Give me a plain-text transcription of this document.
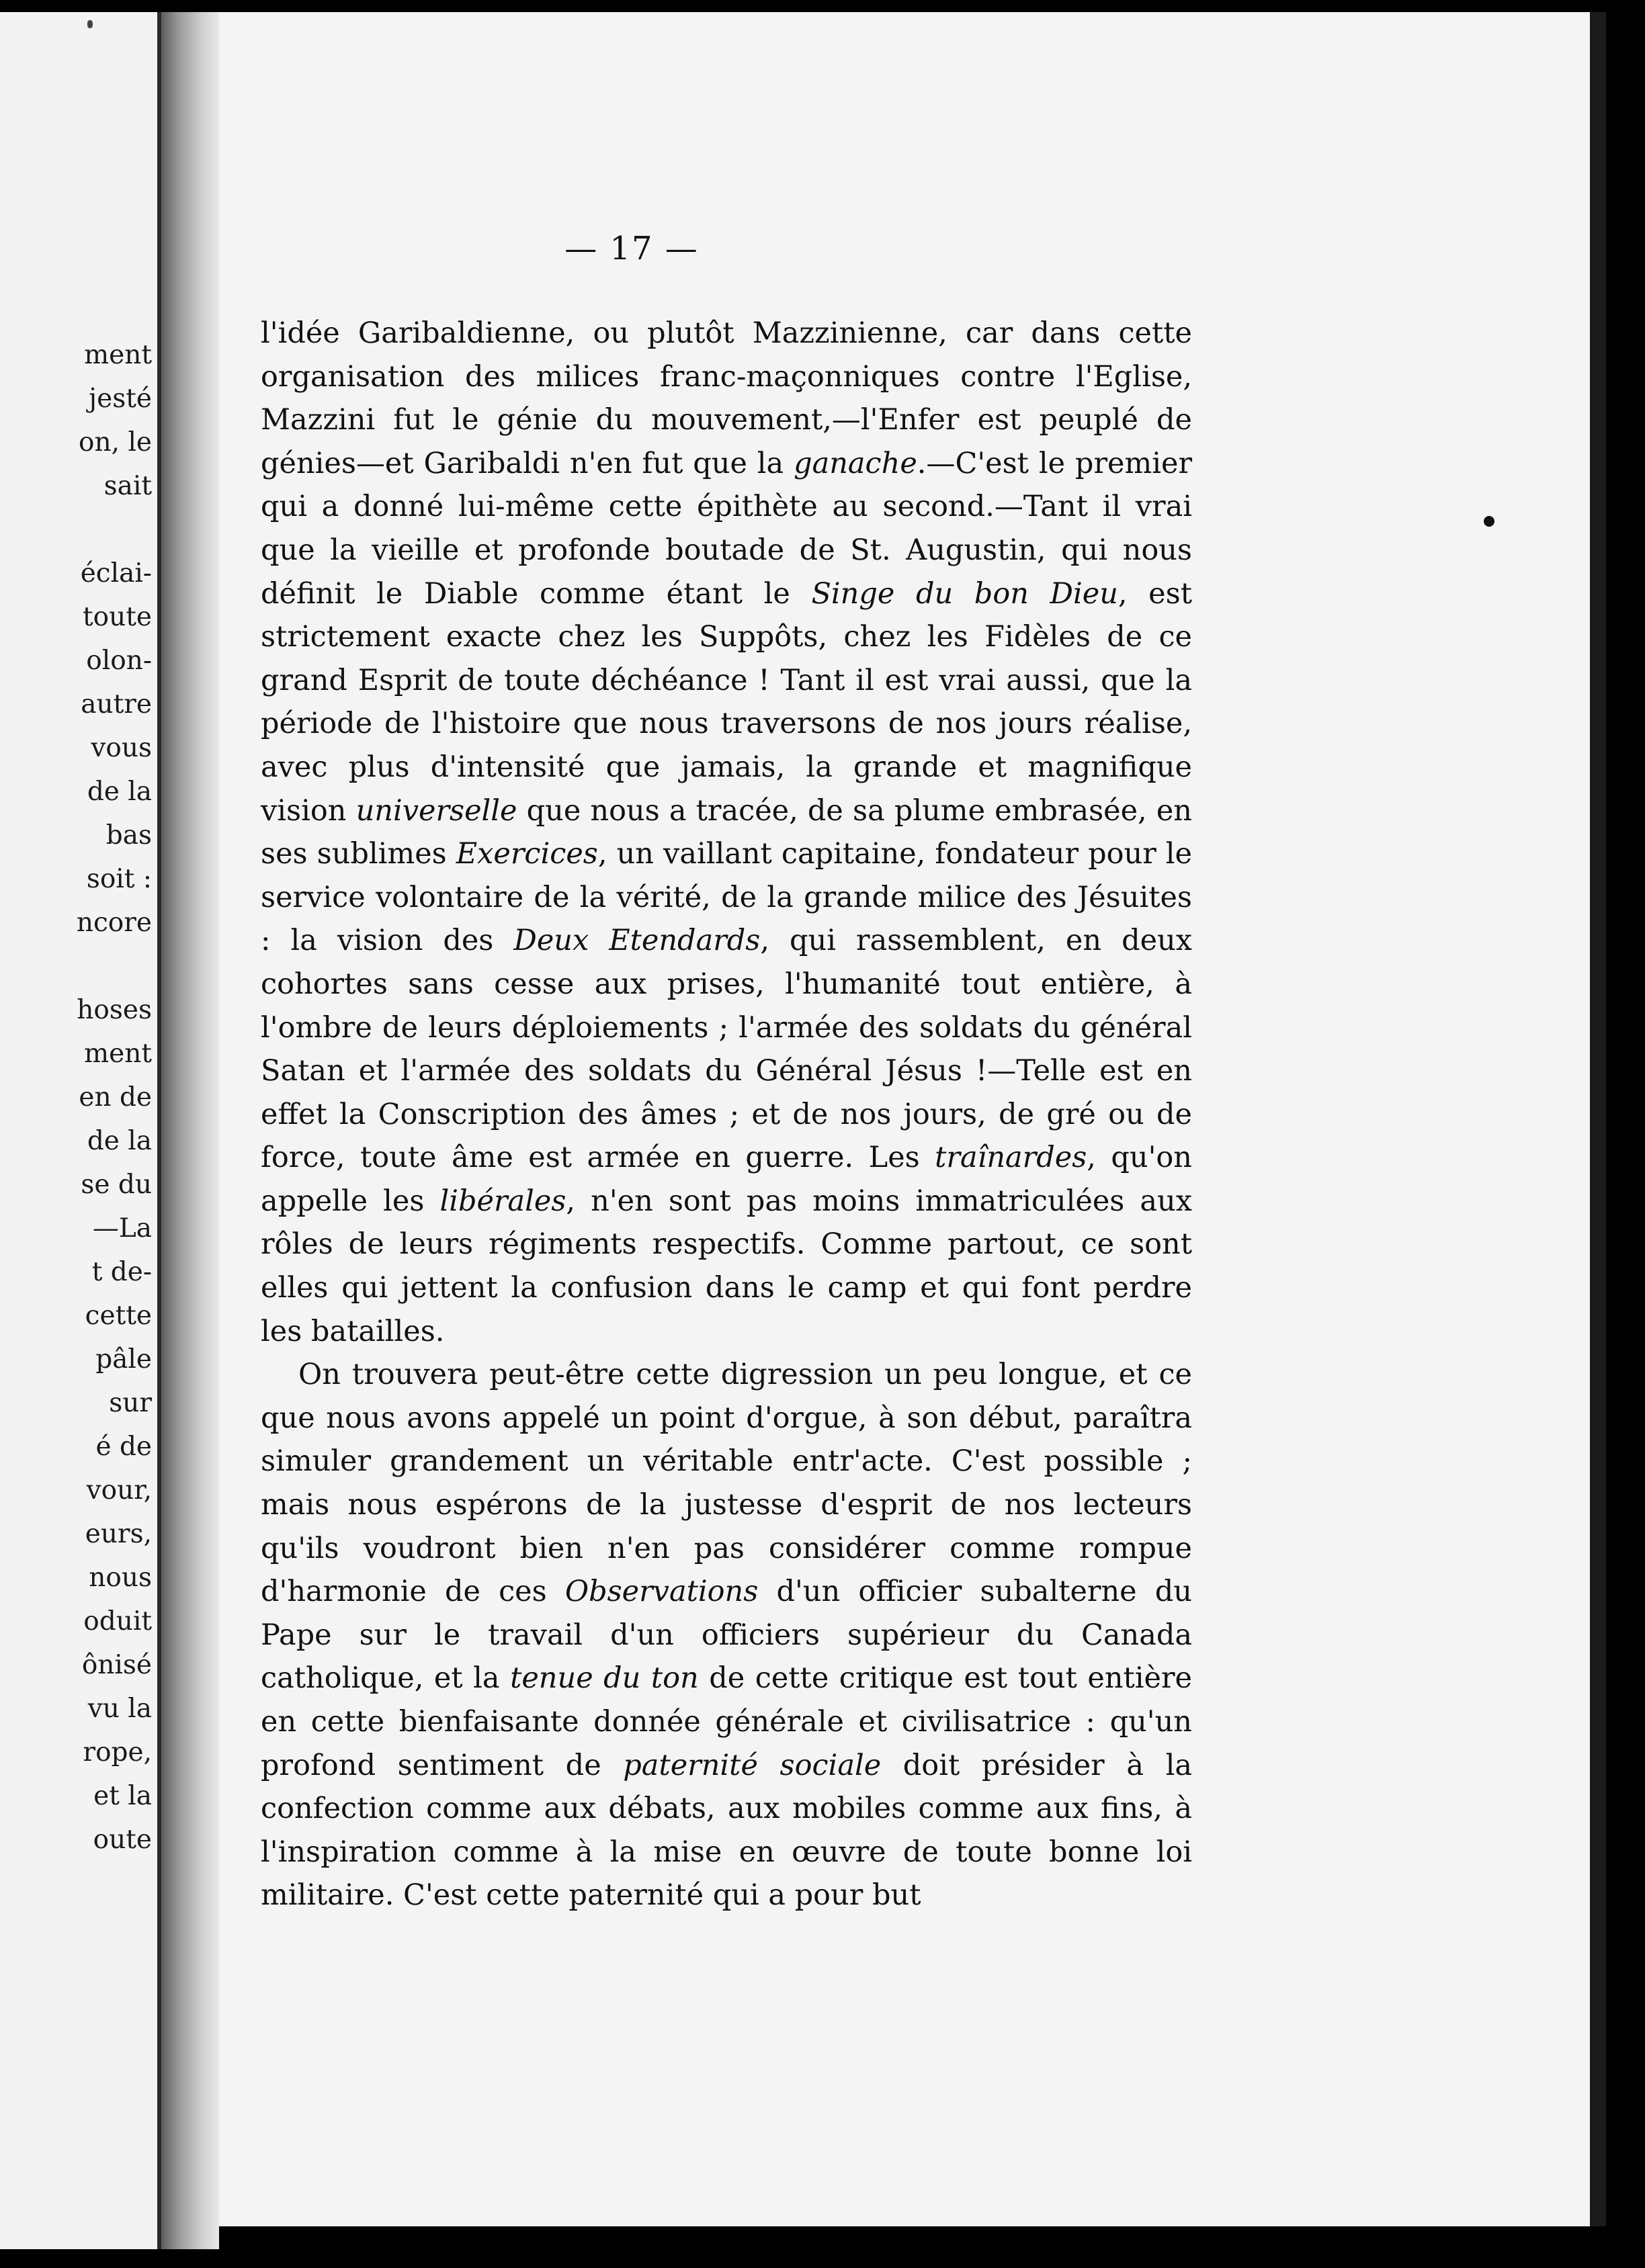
ment
jesté
on, le
sait
éclai-
toute
olon-
autre
vous
de la
bas
soit :
ncore
hoses
ment
en de
de la
se du
—La
t de-
cette
pâle
sur
é de
vour,
eurs,
nous
oduit
ônisé
vu la
rope,
et la
oute
— 17 —

l'idée Garibaldienne, ou plutôt Mazzinienne, car dans cette organisation des milices franc-maçonniques contre l'Eglise, Mazzini fut le génie du mouvement,—l'Enfer est peuplé de génies—et Garibaldi n'en fut que la ganache.—C'est le premier qui a donné lui-même cette épithète au second.—Tant il vrai que la vieille et profonde boutade de St. Augustin, qui nous définit le Diable comme étant le Singe du bon Dieu, est strictement exacte chez les Suppôts, chez les Fidèles de ce grand Esprit de toute déchéance ! Tant il est vrai aussi, que la période de l'histoire que nous traversons de nos jours réalise, avec plus d'intensité que jamais, la grande et magnifique vision universelle que nous a tracée, de sa plume embrasée, en ses sublimes Exercices, un vaillant capitaine, fondateur pour le service volontaire de la vérité, de la grande milice des Jésuites : la vision des Deux Etendards, qui rassemblent, en deux cohortes sans cesse aux prises, l'humanité tout entière, à l'ombre de leurs déploiements ; l'armée des soldats du général Satan et l'armée des soldats du Général Jésus !—Telle est en effet la Conscription des âmes ; et de nos jours, de gré ou de force, toute âme est armée en guerre. Les traînardes, qu'on appelle les libérales, n'en sont pas moins immatriculées aux rôles de leurs régiments respectifs. Comme partout, ce sont elles qui jettent la confusion dans le camp et qui font perdre les batailles.

On trouvera peut-être cette digression un peu longue, et ce que nous avons appelé un point d'orgue, à son début, paraîtra simuler grandement un véritable entr'acte. C'est possible ; mais nous espérons de la justesse d'esprit de nos lecteurs qu'ils voudront bien n'en pas considérer comme rompue d'harmonie de ces Observations d'un officier subalterne du Pape sur le travail d'un officiers supérieur du Canada catholique, et la tenue du ton de cette critique est tout entière en cette bienfaisante donnée générale et civilisatrice : qu'un profond sentiment de paternité sociale doit présider à la confection comme aux débats, aux mobiles comme aux fins, à l'inspiration comme à la mise en œuvre de toute bonne loi militaire. C'est cette paternité qui a pour but
